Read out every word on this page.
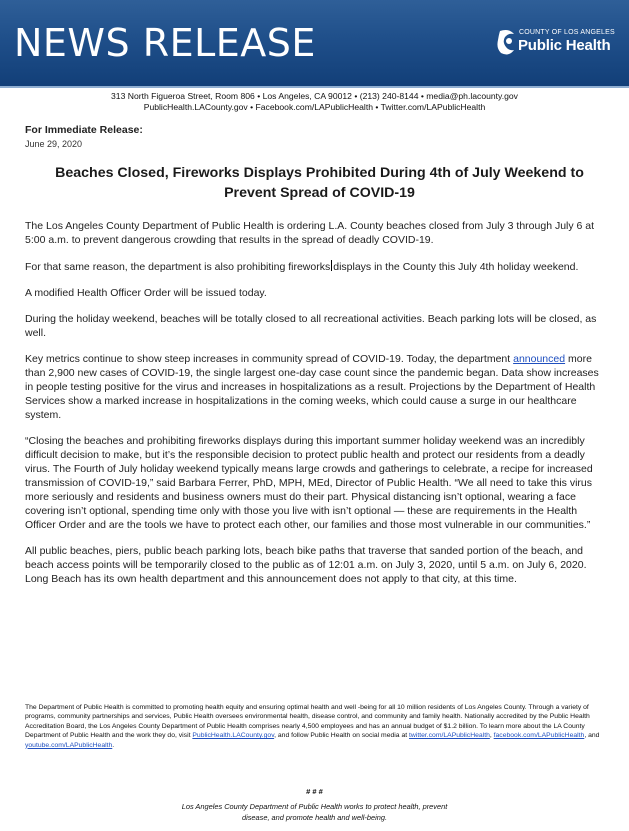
NEWS RELEASE	COUNTY OF LOS ANGELES
Public Health
313 North Figueroa Street, Room 806 • Los Angeles, CA 90012 • (213) 240-8144 • media@ph.lacounty.gov
PublicHealth.LACounty.gov • Facebook.com/LAPublicHealth • Twitter.com/LAPublicHealth
For Immediate Release:
June 29, 2020
Beaches Closed, Fireworks Displays Prohibited During 4th of July Weekend to Prevent Spread of COVID-19

The Los Angeles County Department of Public Health is ordering L.A. County beaches closed from July 3 through July 6 at 5:00 a.m. to prevent dangerous crowding that results in the spread of deadly COVID-19.

For that same reason, the department is also prohibiting fireworks displays in the County this July 4th holiday weekend.

A modified Health Officer Order will be issued today.

During the holiday weekend, beaches will be totally closed to all recreational activities. Beach parking lots will be closed, as well.

Key metrics continue to show steep increases in community spread of COVID-19. Today, the department announced more than 2,900 new cases of COVID-19, the single largest one-day case count since the pandemic began. Data show increases in people testing positive for the virus and increases in hospitalizations as a result. Projections by the Department of Health Services show a marked increase in hospitalizations in the coming weeks, which could cause a surge in our healthcare system.

“Closing the beaches and prohibiting fireworks displays during this important summer holiday weekend was an incredibly difficult decision to make, but it’s the responsible decision to protect public health and protect our residents from a deadly virus. The Fourth of July holiday weekend typically means large crowds and gatherings to celebrate, a recipe for increased transmission of COVID-19,” said Barbara Ferrer, PhD, MPH, MEd, Director of Public Health. “We all need to take this virus more seriously and residents and business owners must do their part. Physical distancing isn’t optional, wearing a face covering isn’t optional, spending time only with those you live with isn’t optional — these are requirements in the Health Officer Order and are the tools we have to protect each other, our families and those most vulnerable in our communities.”

All public beaches, piers, public beach parking lots, beach bike paths that traverse that sanded portion of the beach, and beach access points will be temporarily closed to the public as of 12:01 a.m. on July 3, 2020, until 5 a.m. on July 6, 2020. Long Beach has its own health department and this announcement does not apply to that city, at this time.

The Department of Public Health is committed to promoting health equity and ensuring optimal health and well -being for all 10 million residents of Los Angeles County. Through a variety of programs, community partnerships and services, Public Health oversees environmental health, disease control, and community and family health. Nationally accredited by the Public Health Accreditation Board, the Los Angeles County Department of Public Health comprises nearly 4,500 employees and has an annual budget of $1.2 billion. To learn more about the LA County Department of Public Health and the work they do, visit PublicHealth.LACounty.gov, and follow Public Health on social media at twitter.com/LAPublicHealth, facebook.com/LAPublicHealth, and youtube.com/LAPublicHealth.
# # #
Los Angeles County Department of Public Health works to protect health, prevent
disease, and promote health and well-being.
